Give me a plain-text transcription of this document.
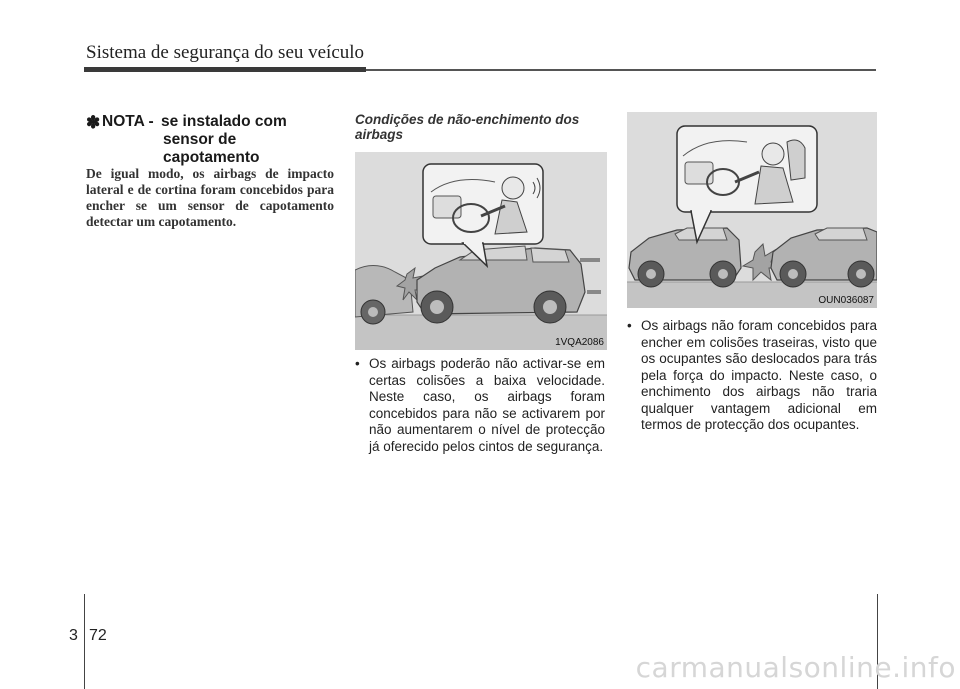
Sistema de segurança do seu veículo
✽ NOTA - se instalado com
sensor de
capotamento
De igual modo, os airbags de impacto lateral e de cortina foram concebidos para encher se um sensor de capotamento detectar um capotamento.
Condições de não-enchimento dos airbags
1VQA2086
• Os airbags poderão não activar-se em certas colisões a baixa velocidade. Neste caso, os airbags foram concebidos para não se activarem por não aumentarem o nível de protecção já oferecido pelos cintos de segurança.
OUN036087
• Os airbags não foram concebidos para encher em colisões traseiras, visto que os ocupantes são deslocados para trás pela força do impacto. Neste caso, o enchimento dos airbags não traria qualquer vantagem adicional em termos de protecção dos ocupantes.
3 72
carmanualsonline.info
